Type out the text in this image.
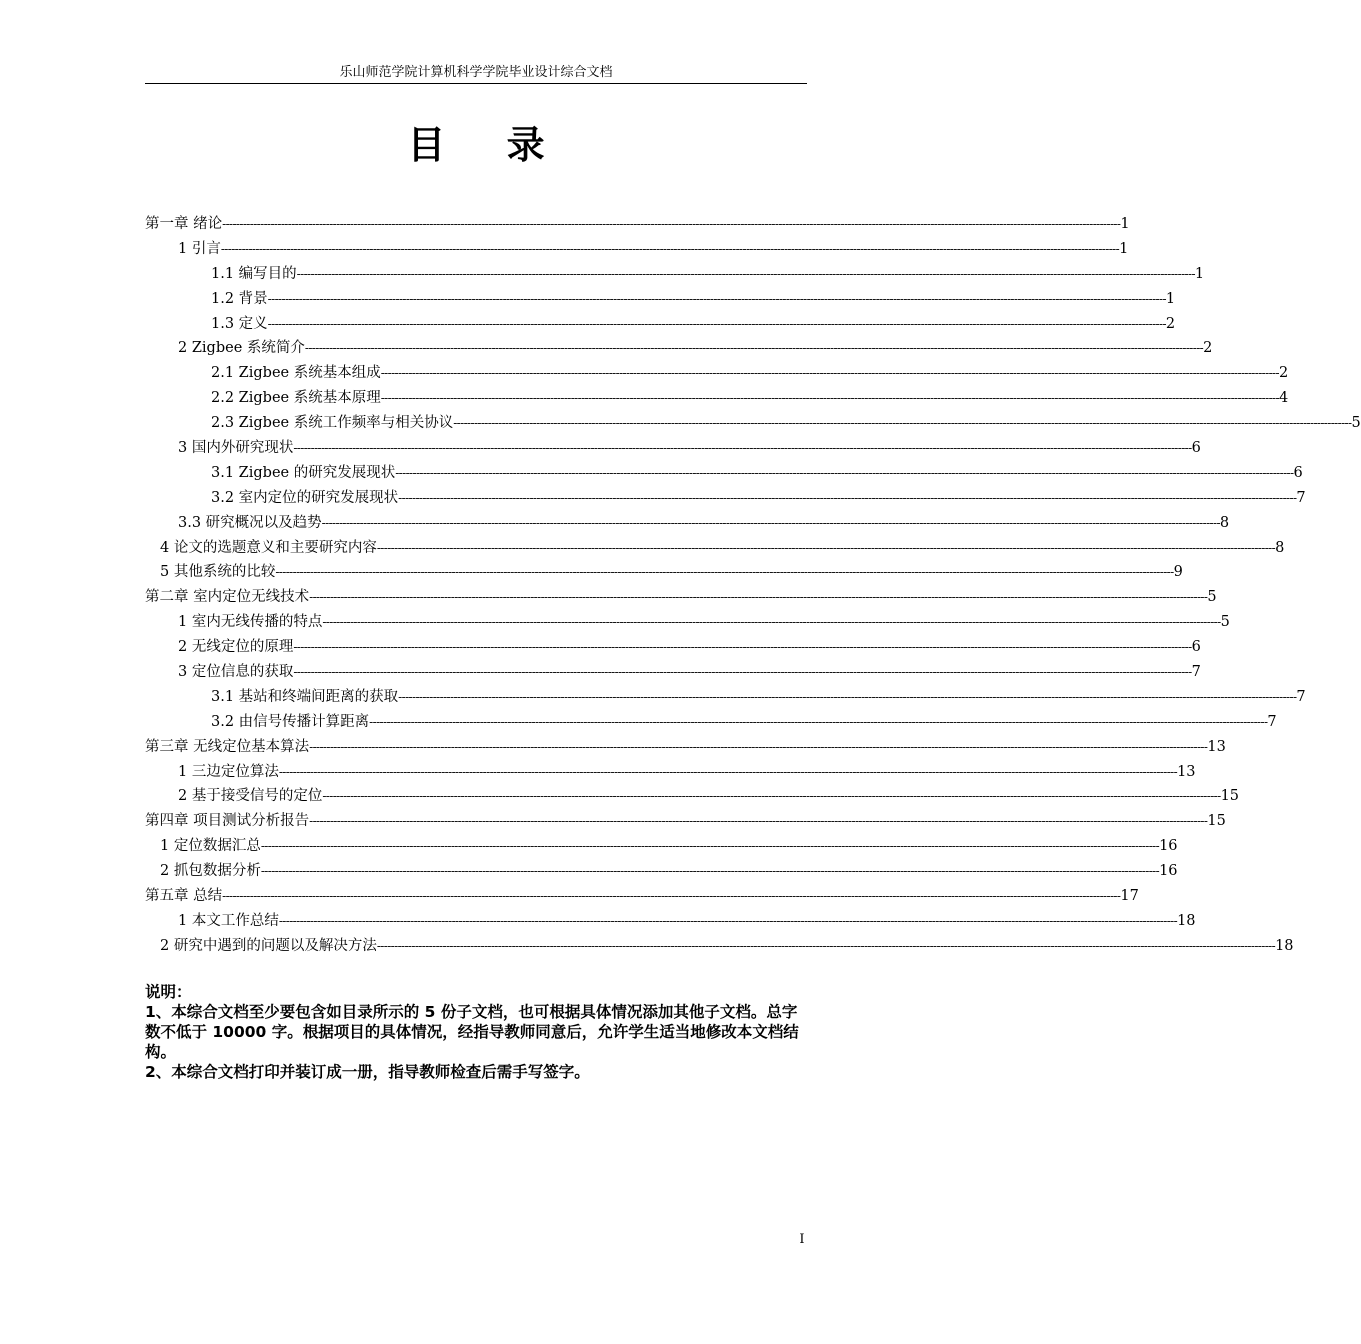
乐山师范学院计算机科学学院毕业设计综合文档
目 录
第一章 绪论 -------------------------------------------------------------------------------------------------------------------------------------------------------------------------------------------------------------------------------------------------------------------- 1
1 引言 -------------------------------------------------------------------------------------------------------------------------------------------------------------------------------------------------------------------------------------------------------------------- 1
1.1 编写目的 -------------------------------------------------------------------------------------------------------------------------------------------------------------------------------------------------------------------------------------------------------------------- 1
1.2 背景 -------------------------------------------------------------------------------------------------------------------------------------------------------------------------------------------------------------------------------------------------------------------- 1
1.3 定义 -------------------------------------------------------------------------------------------------------------------------------------------------------------------------------------------------------------------------------------------------------------------- 2
2 Zigbee 系统简介 -------------------------------------------------------------------------------------------------------------------------------------------------------------------------------------------------------------------------------------------------------------------- 2
2.1 Zigbee 系统基本组成 -------------------------------------------------------------------------------------------------------------------------------------------------------------------------------------------------------------------------------------------------------------------- 2
2.2 Zigbee 系统基本原理 -------------------------------------------------------------------------------------------------------------------------------------------------------------------------------------------------------------------------------------------------------------------- 4
2.3 Zigbee 系统工作频率与相关协议 -------------------------------------------------------------------------------------------------------------------------------------------------------------------------------------------------------------------------------------------------------------------- 5
3 国内外研究现状 -------------------------------------------------------------------------------------------------------------------------------------------------------------------------------------------------------------------------------------------------------------------- 6
3.1 Zigbee 的研究发展现状 -------------------------------------------------------------------------------------------------------------------------------------------------------------------------------------------------------------------------------------------------------------------- 6
3.2 室内定位的研究发展现状 -------------------------------------------------------------------------------------------------------------------------------------------------------------------------------------------------------------------------------------------------------------------- 7
3.3 研究概况以及趋势 -------------------------------------------------------------------------------------------------------------------------------------------------------------------------------------------------------------------------------------------------------------------- 8
4 论文的选题意义和主要研究内容 -------------------------------------------------------------------------------------------------------------------------------------------------------------------------------------------------------------------------------------------------------------------- 8
5 其他系统的比较 -------------------------------------------------------------------------------------------------------------------------------------------------------------------------------------------------------------------------------------------------------------------- 9
第二章 室内定位无线技术 -------------------------------------------------------------------------------------------------------------------------------------------------------------------------------------------------------------------------------------------------------------------- 5
1 室内无线传播的特点 -------------------------------------------------------------------------------------------------------------------------------------------------------------------------------------------------------------------------------------------------------------------- 5
2 无线定位的原理 -------------------------------------------------------------------------------------------------------------------------------------------------------------------------------------------------------------------------------------------------------------------- 6
3 定位信息的获取 -------------------------------------------------------------------------------------------------------------------------------------------------------------------------------------------------------------------------------------------------------------------- 7
3.1 基站和终端间距离的获取 -------------------------------------------------------------------------------------------------------------------------------------------------------------------------------------------------------------------------------------------------------------------- 7
3.2 由信号传播计算距离 -------------------------------------------------------------------------------------------------------------------------------------------------------------------------------------------------------------------------------------------------------------------- 7
第三章 无线定位基本算法 -------------------------------------------------------------------------------------------------------------------------------------------------------------------------------------------------------------------------------------------------------------------- 13
1 三边定位算法 -------------------------------------------------------------------------------------------------------------------------------------------------------------------------------------------------------------------------------------------------------------------- 13
2 基于接受信号的定位 -------------------------------------------------------------------------------------------------------------------------------------------------------------------------------------------------------------------------------------------------------------------- 15
第四章 项目测试分析报告 -------------------------------------------------------------------------------------------------------------------------------------------------------------------------------------------------------------------------------------------------------------------- 15
1 定位数据汇总 -------------------------------------------------------------------------------------------------------------------------------------------------------------------------------------------------------------------------------------------------------------------- 16
2 抓包数据分析 -------------------------------------------------------------------------------------------------------------------------------------------------------------------------------------------------------------------------------------------------------------------- 16
第五章 总结 -------------------------------------------------------------------------------------------------------------------------------------------------------------------------------------------------------------------------------------------------------------------- 17
1 本文工作总结 -------------------------------------------------------------------------------------------------------------------------------------------------------------------------------------------------------------------------------------------------------------------- 18
2 研究中遇到的问题以及解决方法 -------------------------------------------------------------------------------------------------------------------------------------------------------------------------------------------------------------------------------------------------------------------- 18

说明：

1、本综合文档至少要包含如目录所示的 5 份子文档，也可根据具体情况添加其他子文档。总字数不低于 10000 字。根据项目的具体情况，经指导教师同意后，允许学生适当地修改本文档结构。

2、本综合文档打印并装订成一册，指导教师检查后需手写签字。

I
